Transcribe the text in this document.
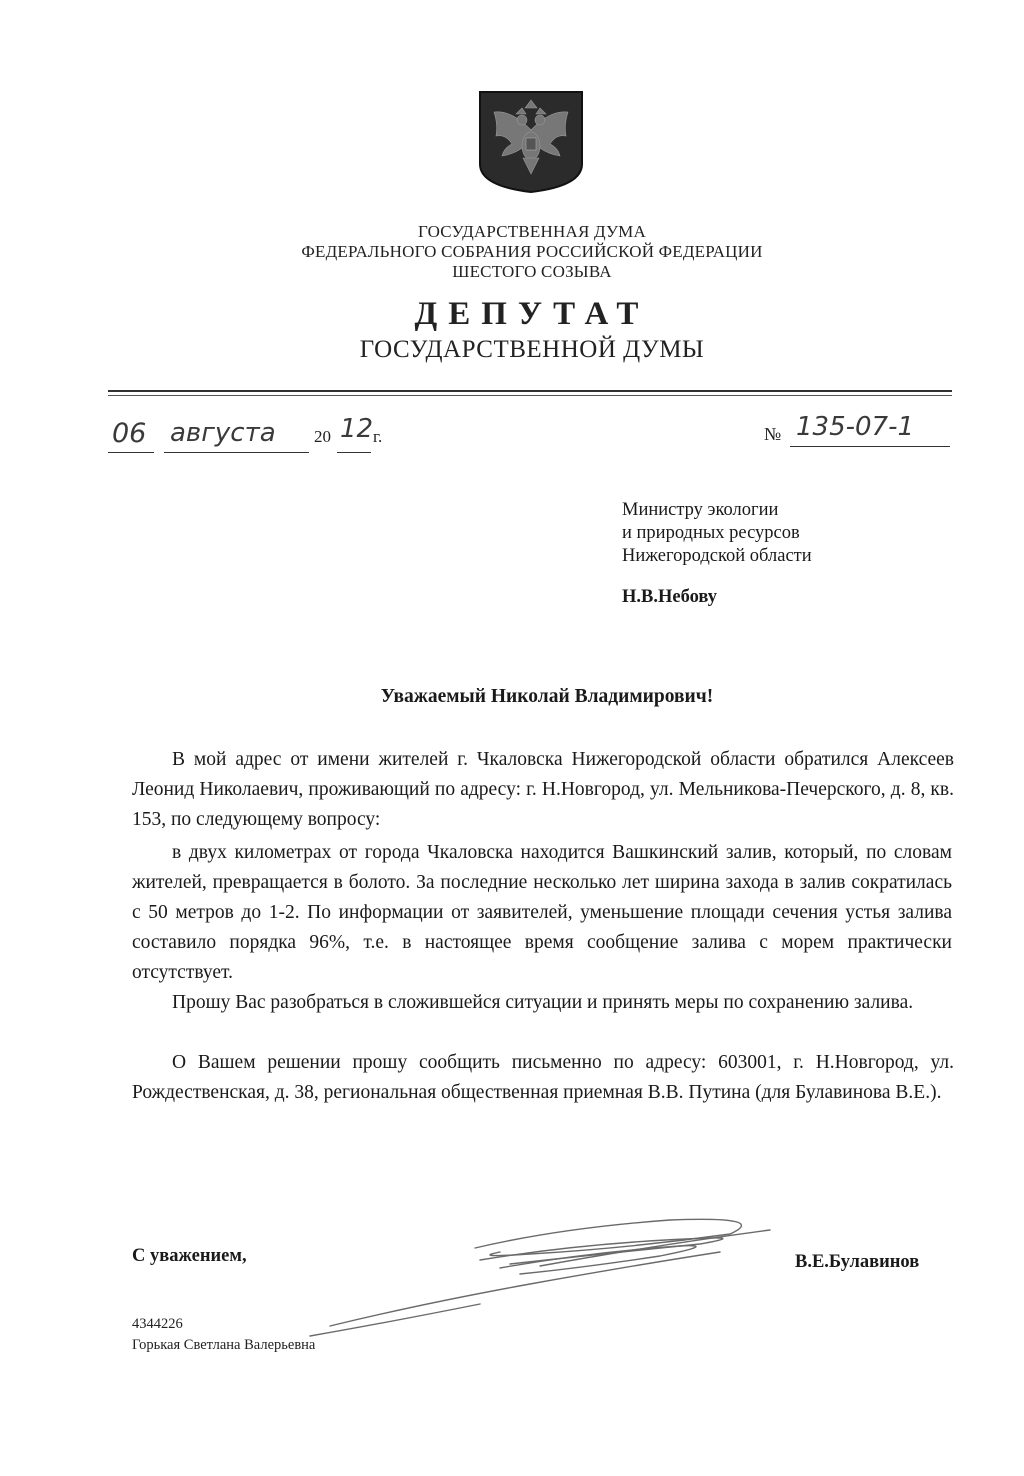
ГОСУДАРСТВЕННАЯ ДУМА
ФЕДЕРАЛЬНОГО СОБРАНИЯ РОССИЙСКОЙ ФЕДЕРАЦИИ
ШЕСТОГО СОЗЫВА
ДЕПУТАТ
ГОСУДАРСТВЕННОЙ ДУМЫ
06 августа 20 12 г.	№ 135-07-1
Министру экологии
и природных ресурсов
Нижегородской области
Н.В.Небову
Уважаемый Николай Владимирович!
В мой адрес от имени жителей г. Чкаловска Нижегородской области обратился Алексеев Леонид Николаевич, проживающий по адресу: г. Н.Новгород, ул. Мельникова-Печерского, д. 8, кв. 153, по следующему вопросу:
в двух километрах от города Чкаловска находится Вашкинский залив, который, по словам жителей, превращается в болото. За последние несколько лет ширина захода в залив сократилась с 50 метров до 1-2. По информации от заявителей, уменьшение площади сечения устья залива составило порядка 96%, т.е. в настоящее время сообщение залива с морем практически отсутствует.
Прошу Вас разобраться в сложившейся ситуации и принять меры по сохранению залива.
О Вашем решении прошу сообщить письменно по адресу: 603001, г. Н.Новгород, ул. Рождественская, д. 38, региональная общественная приемная В.В. Путина (для Булавинова В.Е.).
С уважением,	В.Е.Булавинов
4344226
Горькая Светлана Валерьевна
